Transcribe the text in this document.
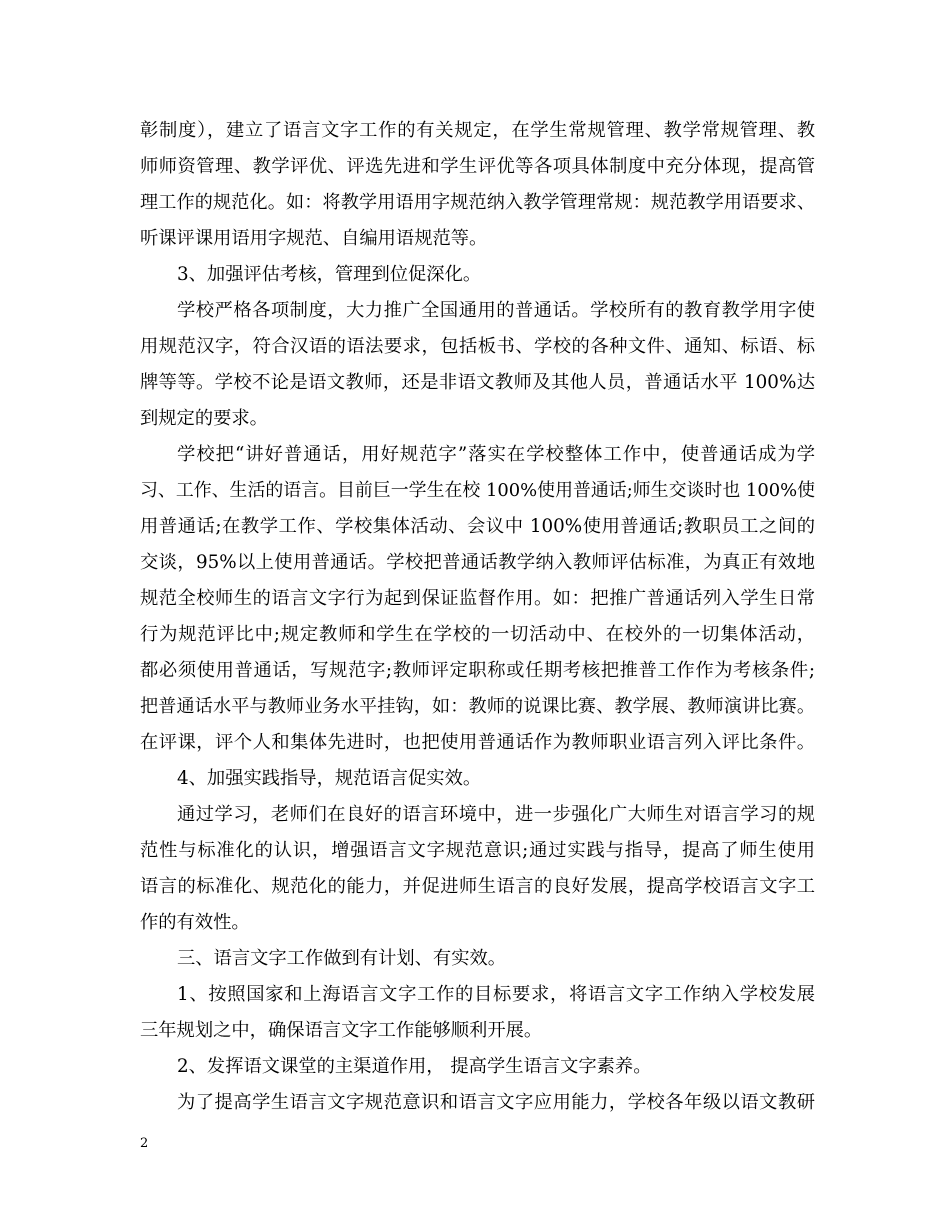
彰制度），建立了语言文字工作的有关规定，在学生常规管理、教学常规管理、教
师师资管理、教学评优、评选先进和学生评优等各项具体制度中充分体现，提高管
理工作的规范化。如：将教学用语用字规范纳入教学管理常规：规范教学用语要求、
听课评课用语用字规范、自编用语规范等。
3、加强评估考核，管理到位促深化。
学校严格各项制度，大力推广全国通用的普通话。学校所有的教育教学用字使
用规范汉字，符合汉语的语法要求，包括板书、学校的各种文件、通知、标语、标
牌等等。学校不论是语文教师，还是非语文教师及其他人员，普通话水平 100%达
到规定的要求。
学校把“讲好普通话，用好规范字”落实在学校整体工作中，使普通话成为学
习、工作、生活的语言。目前巨一学生在校 100%使用普通话;师生交谈时也 100%使
用普通话;在教学工作、学校集体活动、会议中 100%使用普通话;教职员工之间的
交谈，95%以上使用普通话。学校把普通话教学纳入教师评估标准，为真正有效地
规范全校师生的语言文字行为起到保证监督作用。如：把推广普通话列入学生日常
行为规范评比中;规定教师和学生在学校的一切活动中、在校外的一切集体活动，
都必须使用普通话，写规范字;教师评定职称或任期考核把推普工作作为考核条件;
把普通话水平与教师业务水平挂钩，如：教师的说课比赛、教学展、教师演讲比赛。
在评课，评个人和集体先进时，也把使用普通话作为教师职业语言列入评比条件。
4、加强实践指导，规范语言促实效。
通过学习，老师们在良好的语言环境中，进一步强化广大师生对语言学习的规
范性与标准化的认识，增强语言文字规范意识;通过实践与指导，提高了师生使用
语言的标准化、规范化的能力，并促进师生语言的良好发展，提高学校语言文字工
作的有效性。
三、语言文字工作做到有计划、有实效。
1、按照国家和上海语言文字工作的目标要求，将语言文字工作纳入学校发展
三年规划之中，确保语言文字工作能够顺利开展。
2、发挥语文课堂的主渠道作用， 提高学生语言文字素养。
为了提高学生语言文字规范意识和语言文字应用能力，学校各年级以语文教研
2
